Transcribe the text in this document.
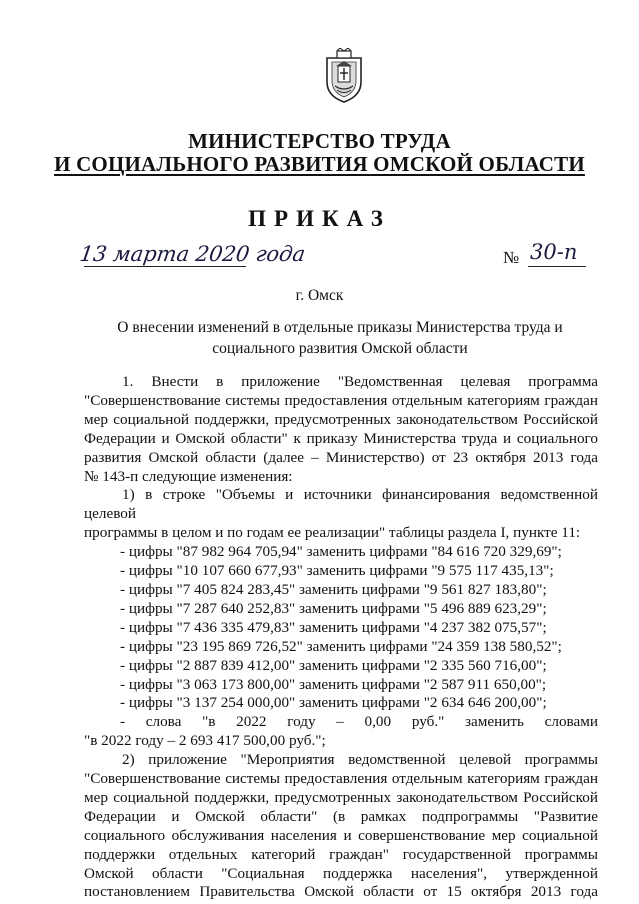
МИНИСТЕРСТВО ТРУДА
И СОЦИАЛЬНОГО РАЗВИТИЯ ОМСКОЙ ОБЛАСТИ
ПРИКАЗ
13 марта 2020 года	№ 30-п
г. Омск
О внесении изменений в отдельные приказы Министерства труда и
социального развития Омской области

1. Внести в приложение "Ведомственная целевая программа

"Совершенствование системы предоставления отдельным категориям граждан

мер социальной поддержки, предусмотренных законодательством Российской

Федерации и Омской области" к приказу Министерства труда и социального

развития Омской области (далее – Министерство) от 23 октября 2013 года

№ 143-п следующие изменения:

1) в строке "Объемы и источники финансирования ведомственной целевой

программы в целом и по годам ее реализации" таблицы раздела I, пункте 11:

- цифры "87 982 964 705,94" заменить цифрами "84 616 720 329,69";

- цифры "10 107 660 677,93" заменить цифрами "9 575 117 435,13";

- цифры "7 405 824 283,45" заменить цифрами "9 561 827 183,80";

- цифры "7 287 640 252,83" заменить цифрами "5 496 889 623,29";

- цифры "7 436 335 479,83" заменить цифрами "4 237 382 075,57";

- цифры "23 195 869 726,52" заменить цифрами "24 359 138 580,52";

- цифры "2 887 839 412,00" заменить цифрами "2 335 560 716,00";

- цифры "3 063 173 800,00" заменить цифрами "2 587 911 650,00";

- цифры "3 137 254 000,00" заменить цифрами "2 634 646 200,00";

- слова "в 2022 году – 0,00 руб." заменить словами

"в 2022 году – 2 693 417 500,00 руб.";

2) приложение "Мероприятия ведомственной целевой программы

"Совершенствование системы предоставления отдельным категориям граждан

мер социальной поддержки, предусмотренных законодательством Российской

Федерации и Омской области" (в рамках подпрограммы "Развитие

социального обслуживания населения и совершенствование мер социальной

поддержки отдельных категорий граждан" государственной программы

Омской области "Социальная поддержка населения", утвержденной

постановлением Правительства Омской области от 15 октября 2013 года
